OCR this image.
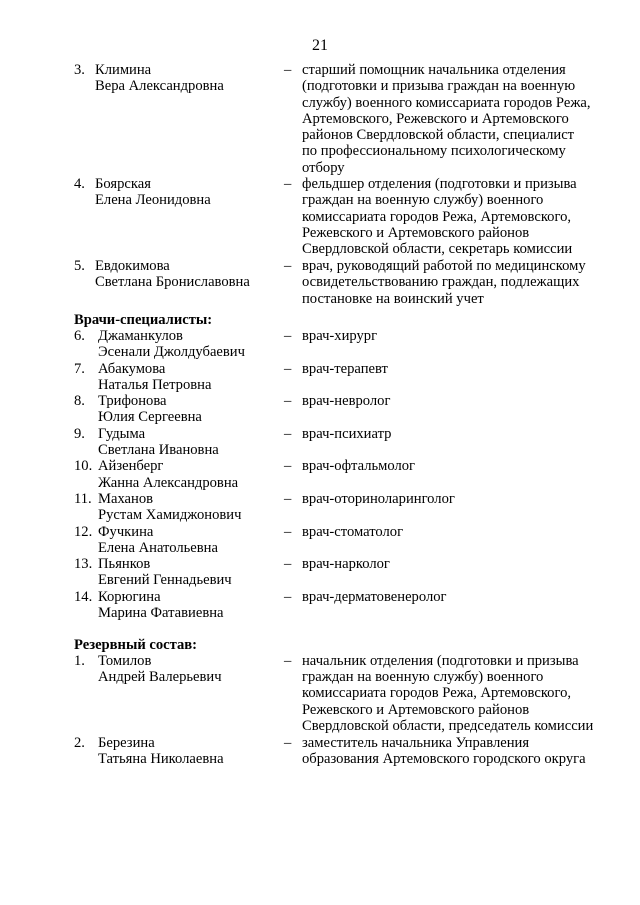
21
3. Климина
Вера Александровна
– старший помощник начальника отделения
(подготовки и призыва граждан на военную
службу) военного комиссариата городов Режа,
Артемовского, Режевского и Артемовского
районов Свердловской области, специалист
по профессиональному психологическому
отбору
4. Боярская
Елена Леонидовна
– фельдшер отделения (подготовки и призыва
граждан на военную службу) военного
комиссариата городов Режа, Артемовского,
Режевского и Артемовского районов
Свердловской области, секретарь комиссии
5. Евдокимова
Светлана Брониславовна
– врач, руководящий работой по медицинскому
освидетельствованию граждан, подлежащих
постановке на воинский учет
Врачи-специалисты:
6. Джаманкулов
Эсенали Джолдубаевич
– врач-хирург
7. Абакумова
Наталья Петровна
– врач-терапевт
8. Трифонова
Юлия Сергеевна
– врач-невролог
9. Гудыма
Светлана Ивановна
– врач-психиатр
10. Айзенберг
Жанна Александровна
– врач-офтальмолог
11. Маханов
Рустам Хамиджонович
– врач-оториноларинголог
12. Фучкина
Елена Анатольевна
– врач-стоматолог
13. Пьянков
Евгений Геннадьевич
– врач-нарколог
14. Корюгина
Марина Фатавиевна
– врач-дерматовенеролог
Резервный состав:
1. Томилов
Андрей Валерьевич
– начальник отделения (подготовки и призыва
граждан на военную службу) военного
комиссариата городов Режа, Артемовского,
Режевского и Артемовского районов
Свердловской области, председатель комиссии
2. Березина
Татьяна Николаевна
– заместитель начальника Управления
образования Артемовского городского округа
